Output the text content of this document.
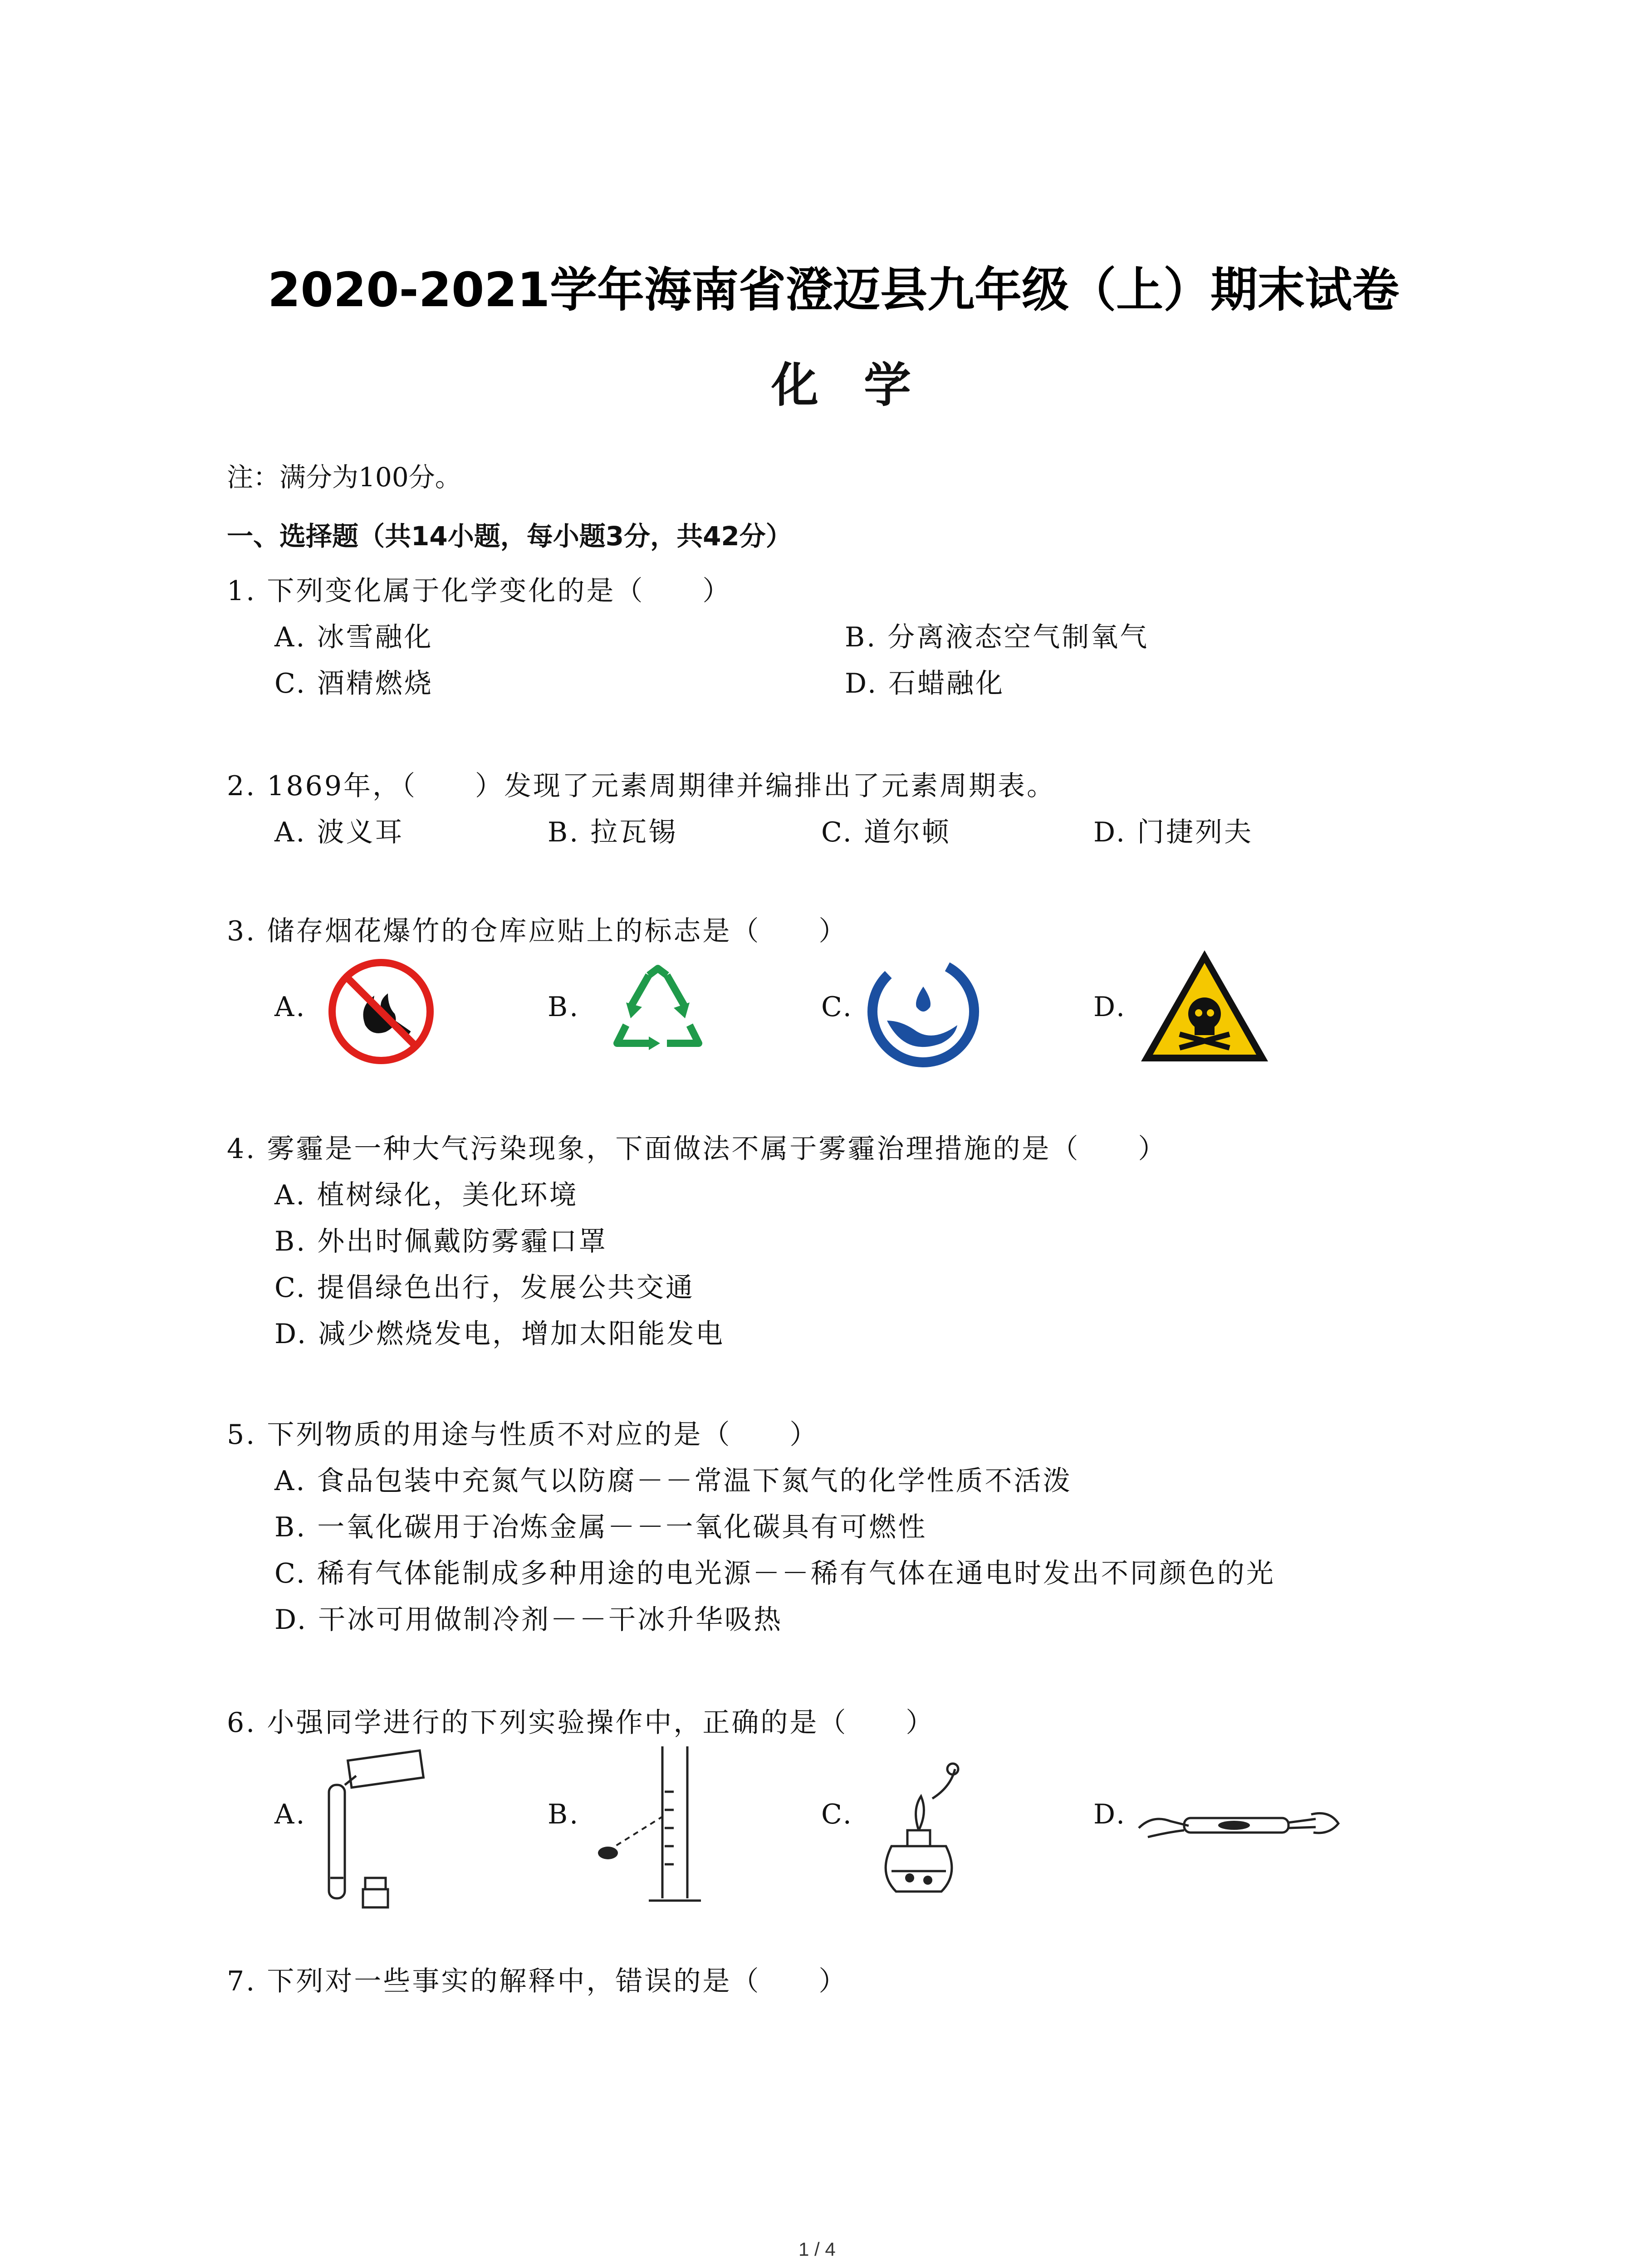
2020-2021学年海南省澄迈县九年级（上）期末试卷
化学
注：满分为100分。
一、选择题（共14小题，每小题3分，共42分）
1. 下列变化属于化学变化的是（　　）
A. 冰雪融化	B. 分离液态空气制氧气
C. 酒精燃烧	D. 石蜡融化
2. 1869年，（　　）发现了元素周期律并编排出了元素周期表。
A. 波义耳	B. 拉瓦锡	C. 道尔顿	D. 门捷列夫
3. 储存烟花爆竹的仓库应贴上的标志是（　　）
A.	B.	C.	D.
4. 雾霾是一种大气污染现象，下面做法不属于雾霾治理措施的是（　　）
A. 植树绿化，美化环境
B. 外出时佩戴防雾霾口罩
C. 提倡绿色出行，发展公共交通
D. 减少燃烧发电，增加太阳能发电
5. 下列物质的用途与性质不对应的是（　　）
A. 食品包装中充氮气以防腐－－常温下氮气的化学性质不活泼
B. 一氧化碳用于冶炼金属－－一氧化碳具有可燃性
C. 稀有气体能制成多种用途的电光源－－稀有气体在通电时发出不同颜色的光
D. 干冰可用做制冷剂－－干冰升华吸热
6. 小强同学进行的下列实验操作中，正确的是（　　）
A.	B.	C.	D.
7. 下列对一些事实的解释中，错误的是（　　）
1 / 4
